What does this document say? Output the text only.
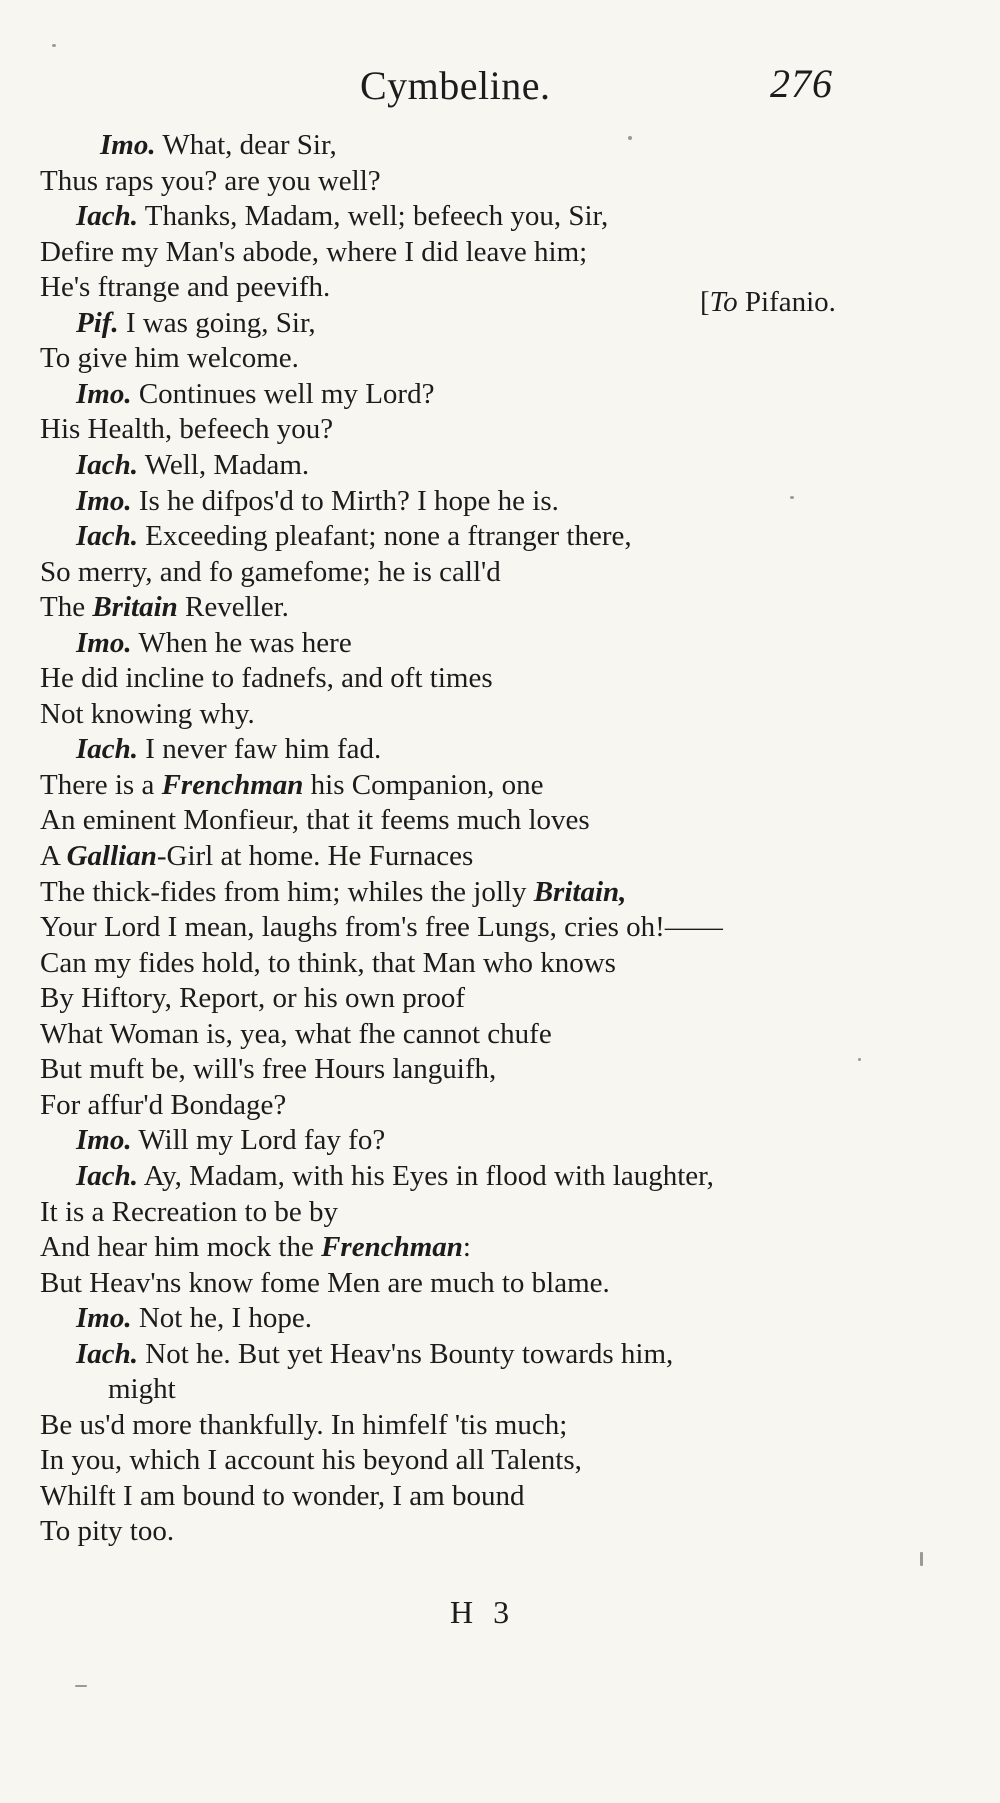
Cymbeline.	276
[To Pifanio.
Imo. What, dear Sir,
Thus raps you? are you well?
Iach. Thanks, Madam, well; befeech you, Sir,
Defire my Man's abode, where I did leave him;
He's ftrange and peevifh.
Pif. I was going, Sir,
To give him welcome.
Imo. Continues well my Lord?
His Health, befeech you?
Iach. Well, Madam.
Imo. Is he difpos'd to Mirth? I hope he is.
Iach. Exceeding pleafant; none a ftranger there,
So merry, and fo gamefome; he is call'd
The Britain Reveller.
Imo. When he was here
He did incline to fadnefs, and oft times
Not knowing why.
Iach. I never faw him fad.
There is a Frenchman his Companion, one
An eminent Monfieur, that it feems much loves
A Gallian-Girl at home. He Furnaces
The thick-fides from him; whiles the jolly Britain,
Your Lord I mean, laughs from's free Lungs, cries oh!——
Can my fides hold, to think, that Man who knows
By Hiftory, Report, or his own proof
What Woman is, yea, what fhe cannot chufe
But muft be, will's free Hours languifh,
For affur'd Bondage?
Imo. Will my Lord fay fo?
Iach. Ay, Madam, with his Eyes in flood with laughter,
It is a Recreation to be by
And hear him mock the Frenchman:
But Heav'ns know fome Men are much to blame.
Imo. Not he, I hope.
Iach. Not he. But yet Heav'ns Bounty towards him,
might
Be us'd more thankfully. In himfelf 'tis much;
In you, which I account his beyond all Talents,
Whilft I am bound to wonder, I am bound
To pity too.
H 3
